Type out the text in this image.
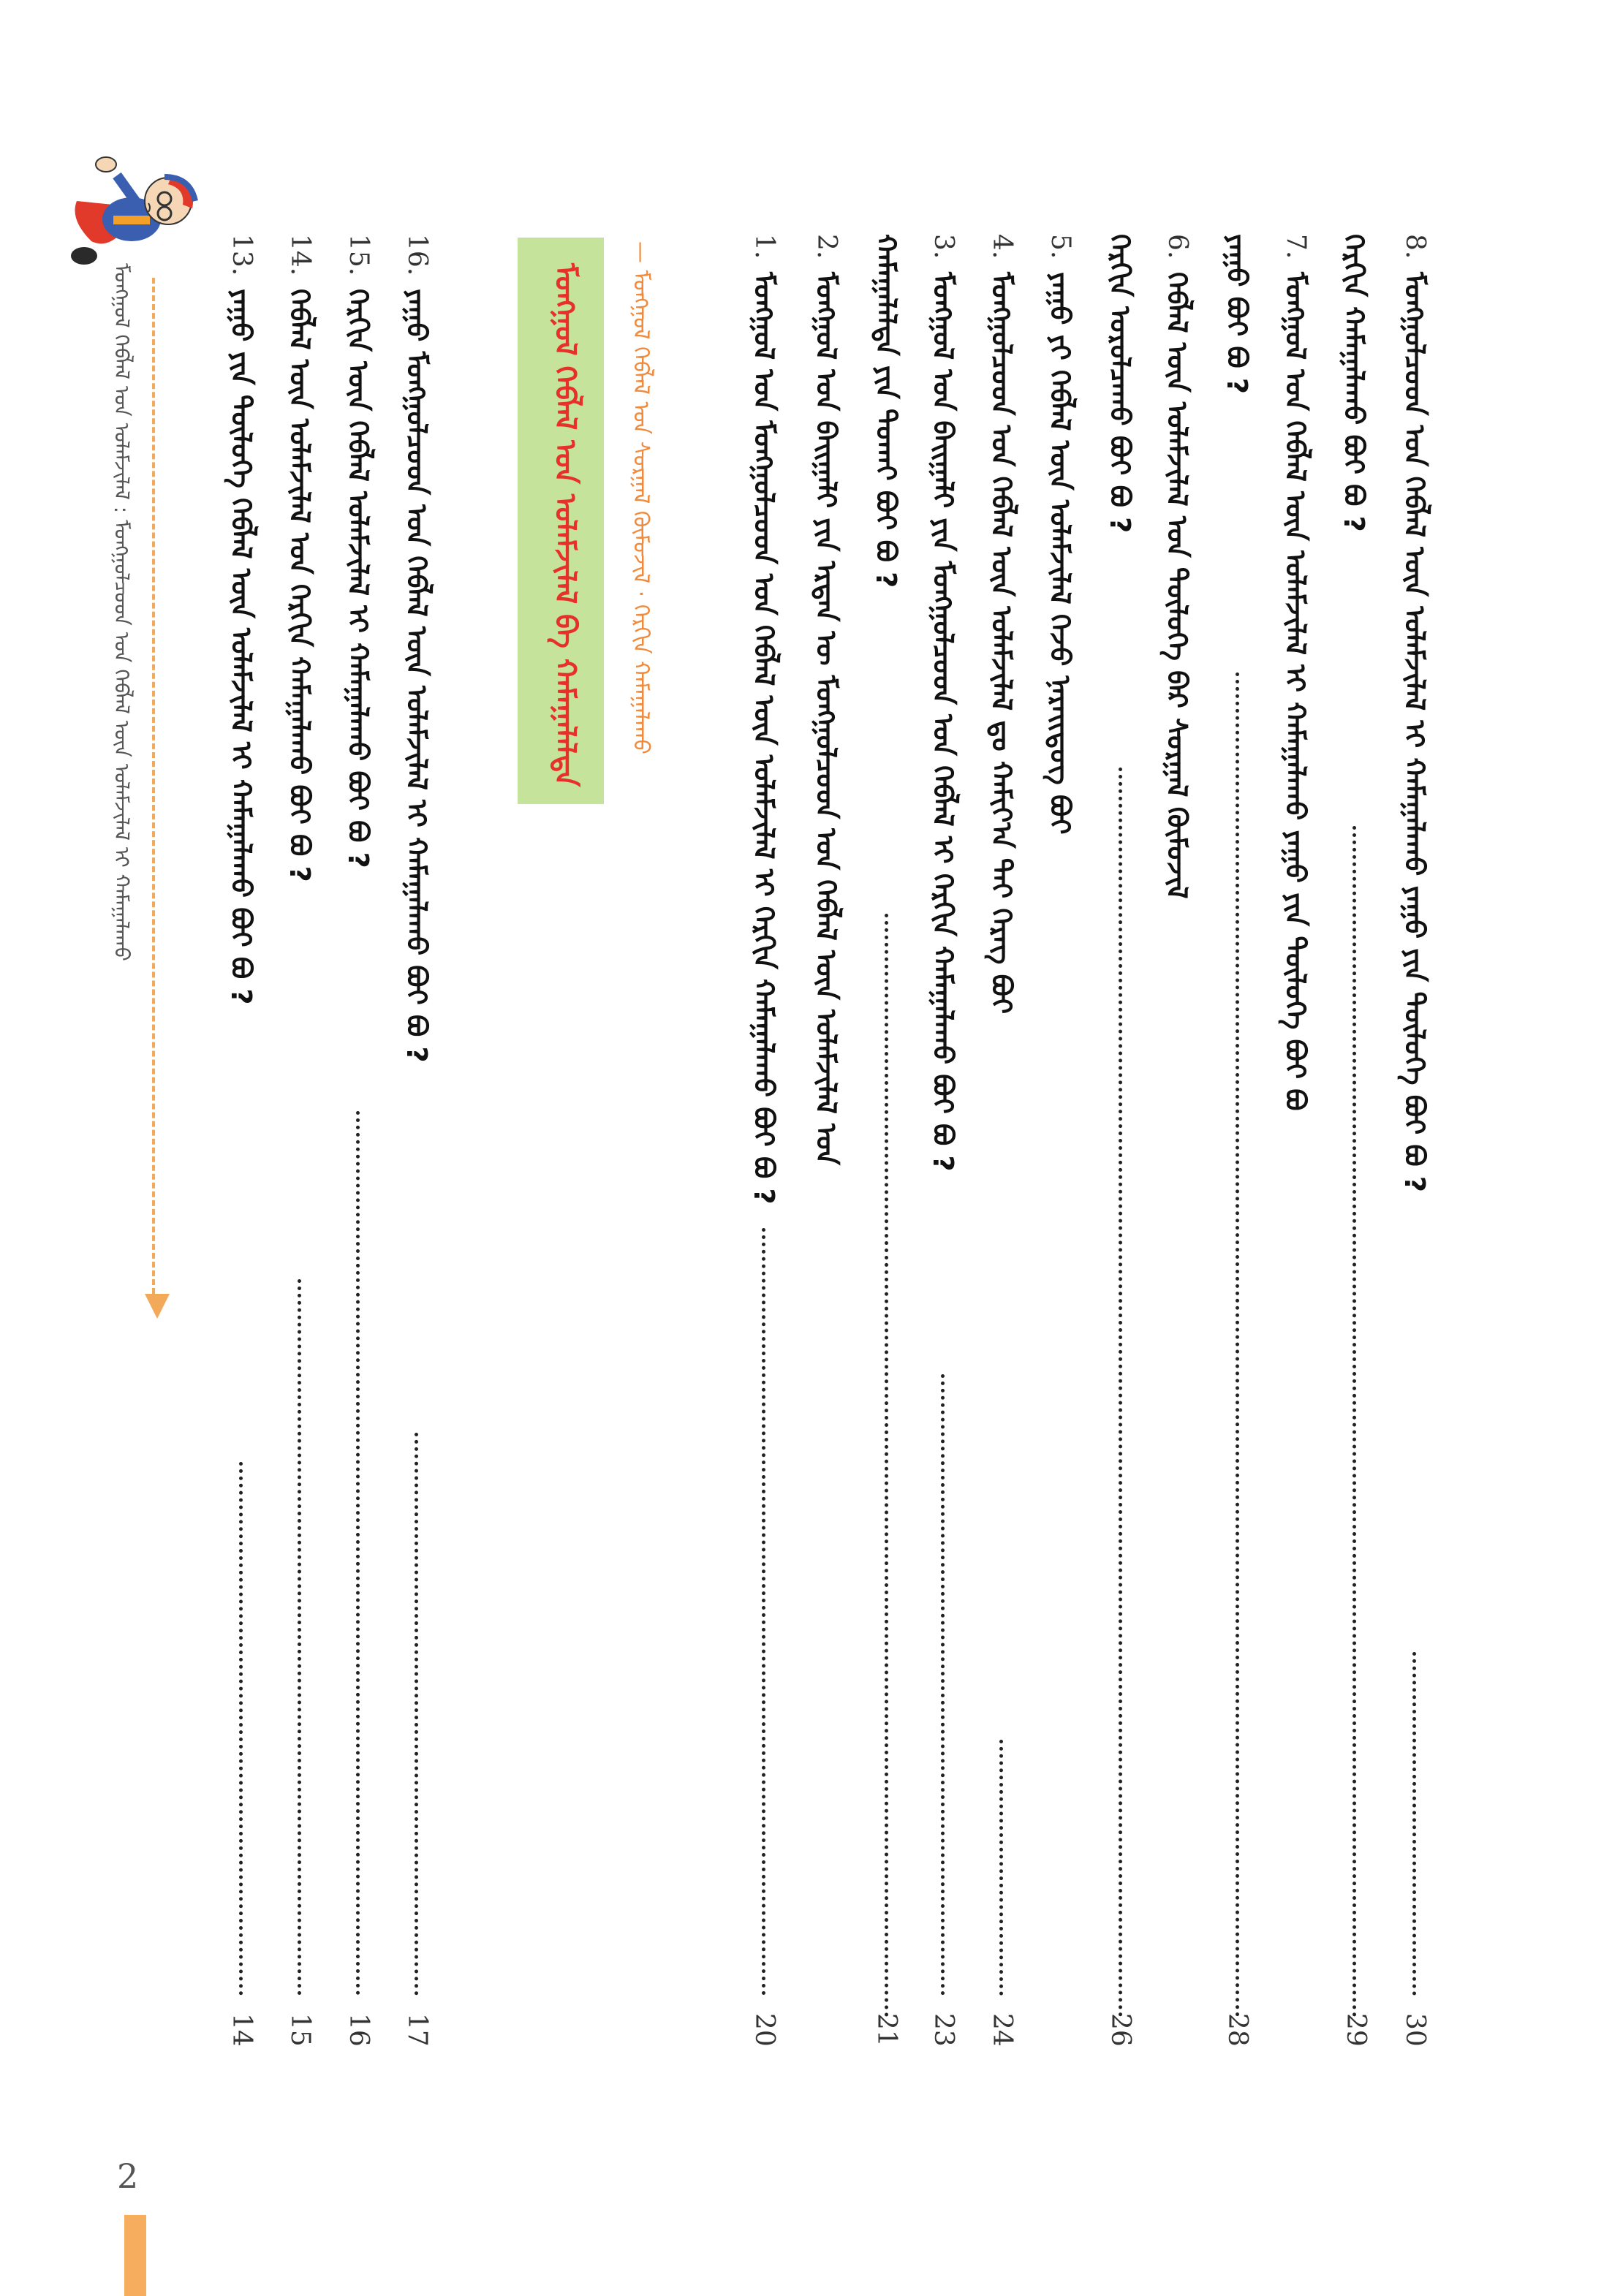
8.ᠮᠣᠩᠭᠣᠯᠴᠤᠳ ᠤᠨ ᠬᠡᠪᠯᠡᠯ ᠦᠨ ᠤᠯᠠᠮᠵᠢᠯᠠᠯ ᠢ ᠬᠠᠮᠠᠭᠠᠯᠠᠬᠤ ᠶᠠᠭᠤ ᠶᠢᠨ ᠲᠥᠯᠦᠭᠡ ᠪᠤᠢ ᠪᠤ ?
30
7.ᠮᠣᠩᠭᠣᠯ ᠤᠨ ᠬᠡᠪᠯᠡᠯ ᠦᠨ ᠤᠯᠠᠮᠵᠢᠯᠠᠯ ᠢ ᠬᠠᠮᠠᠭᠠᠯᠠᠬᠤ ᠶᠠᠭᠤ ᠶᠢᠨ ᠲᠥᠯᠦᠭᠡ ᠪᠤᠢ ᠪᠤ
29
ᠬᠡᠷᠬᠢᠨ ᠬᠠᠮᠠᠭᠠᠯᠠᠬᠤ ᠪᠤᠢ ᠪᠤ ?
6.ᠬᠡᠪᠯᠡᠯ ᠦᠨ ᠤᠯᠠᠮᠵᠢᠯᠠᠯ ᠤᠨ ᠲᠥᠯᠦᠭᠡ ᠪᠡᠷ ᠰᠤᠷᠭᠠᠯ ᠬᠥᠮᠦᠵᠢᠯ
28
ᠶᠠᠭᠤ ᠪᠤᠢ ᠪᠤ ?
5.ᠶᠠᠭᠤ ᠶᠢ ᠬᠡᠪᠯᠡᠯ ᠦᠨ ᠤᠯᠠᠮᠵᠢᠯᠠᠯ ᠭᠡᠵᠦ ᠨᠡᠷᠡᠢᠳᠦᠭ ᠪᠤᠢ
26
ᠬᠡᠷᠬᠢᠨ ᠤᠷᠤᠯᠴᠠᠬᠤ ᠪᠤᠢ ᠪᠤ ?
4.ᠮᠣᠩᠭᠣᠯᠴᠤᠳ ᠤᠨ ᠬᠡᠪᠯᠡᠯ ᠦᠨ ᠤᠯᠠᠮᠵᠢᠯᠠᠯ ᠳᠤ ᠬᠠᠮᠢᠶ᠎ᠠ ᠲᠠᠢ ᠬᠡᠷᠡᠭ ᠪᠤᠢ
24
3.ᠮᠣᠩᠭᠣᠯ ᠤᠨ ᠪᠠᠢᠭᠠᠯᠢ ᠶᠢᠨ ᠮᠣᠩᠭᠣᠯᠴᠤᠳ ᠤᠨ ᠬᠡᠪᠯᠡᠯ ᠢ ᠬᠡᠷᠬᠢᠨ ᠬᠠᠮᠠᠭᠠᠯᠠᠬᠤ ᠪᠤᠢ ᠪᠤ ?
23
2.ᠮᠣᠩᠭᠣᠯ ᠤᠨ ᠪᠠᠢᠭᠠᠯᠢ ᠶᠢᠨ ᠡᠷᠲᠡᠨ ᠦ ᠮᠣᠩᠭᠣᠯᠴᠤᠳ ᠤᠨ ᠬᠡᠪᠯᠡᠯ ᠦᠨ ᠤᠯᠠᠮᠵᠢᠯᠠᠯ ᠤᠨ
21
ᠬᠠᠮᠠᠭᠠᠯᠠᠯᠲᠠ ᠶᠢᠨ ᠲᠣᠬᠠᠢ ᠪᠤᠢ ᠪᠤ ?
1.ᠮᠣᠩᠭᠣᠯ ᠤᠨ ᠮᠣᠩᠭᠣᠯᠴᠤᠳ ᠤᠨ ᠬᠡᠪᠯᠡᠯ ᠦᠨ ᠤᠯᠠᠮᠵᠢᠯᠠᠯ ᠢ ᠬᠡᠷᠬᠢᠨ ᠬᠠᠮᠠᠭᠠᠯᠠᠬᠤ ᠪᠤᠢ ᠪᠤ ?
20
ᠮᠣᠩᠭᠣᠯ ᠬᠡᠪᠯᠡᠯ ᠤᠨ ᠤᠯᠠᠮᠵᠢᠯᠠᠯ ᠪᠠ ᠬᠠᠮᠠᠭᠠᠯᠠᠯᠲᠠ	— ᠮᠣᠩᠭᠣᠯ ᠬᠡᠪᠯᠡᠯ ᠤᠨ ᠰᠤᠷᠭᠠᠯ ᠬᠥᠮᠦᠵᠢᠯ · ᠬᠡᠷᠬᠢᠨ ᠬᠠᠮᠠᠭᠠᠯᠠᠬᠤ
16.ᠶᠠᠭᠤ ᠮᠣᠩᠭᠣᠯᠴᠤᠳ ᠤᠨ ᠬᠡᠪᠯᠡᠯ ᠦᠨ ᠤᠯᠠᠮᠵᠢᠯᠠᠯ ᠢ ᠬᠠᠮᠠᠭᠠᠯᠠᠬᠤ ᠪᠤᠢ ᠪᠤ ?
17
15.ᠬᠡᠷᠬᠢᠨ ᠦᠨ ᠬᠡᠪᠯᠡᠯ ᠤᠯᠠᠮᠵᠢᠯᠠᠯ ᠢ ᠬᠠᠮᠠᠭᠠᠯᠠᠬᠤ ᠪᠤᠢ ᠪᠤ ?
16
14.ᠬᠡᠪᠯᠡᠯ ᠦᠨ ᠤᠯᠠᠮᠵᠢᠯᠠᠯ ᠤᠨ ᠬᠡᠷᠬᠢᠨ ᠬᠠᠮᠠᠭᠠᠯᠠᠬᠤ ᠪᠤᠢ ᠪᠤ ?
15
13.ᠶᠠᠭᠤ ᠶᠢᠨ ᠲᠥᠯᠦᠭᠡ ᠬᠡᠪᠯᠡᠯ ᠦᠨ ᠤᠯᠠᠮᠵᠢᠯᠠᠯ ᠢ ᠬᠠᠮᠠᠭᠠᠯᠠᠬᠤ ᠪᠤᠢ ᠪᠤ ?
14
ᠮᠣᠩᠭᠣᠯ ᠬᠡᠪᠯᠡᠯ ᠤᠨ ᠤᠯᠠᠮᠵᠢᠯᠠᠯ : ᠮᠣᠩᠭᠣᠯᠴᠤᠳ ᠤᠨ ᠬᠡᠪᠯᠡᠯ ᠦᠨ ᠤᠯᠠᠮᠵᠢᠯᠠᠯ ᠢ ᠬᠠᠮᠠᠭᠠᠯᠠᠬᠤ
2
